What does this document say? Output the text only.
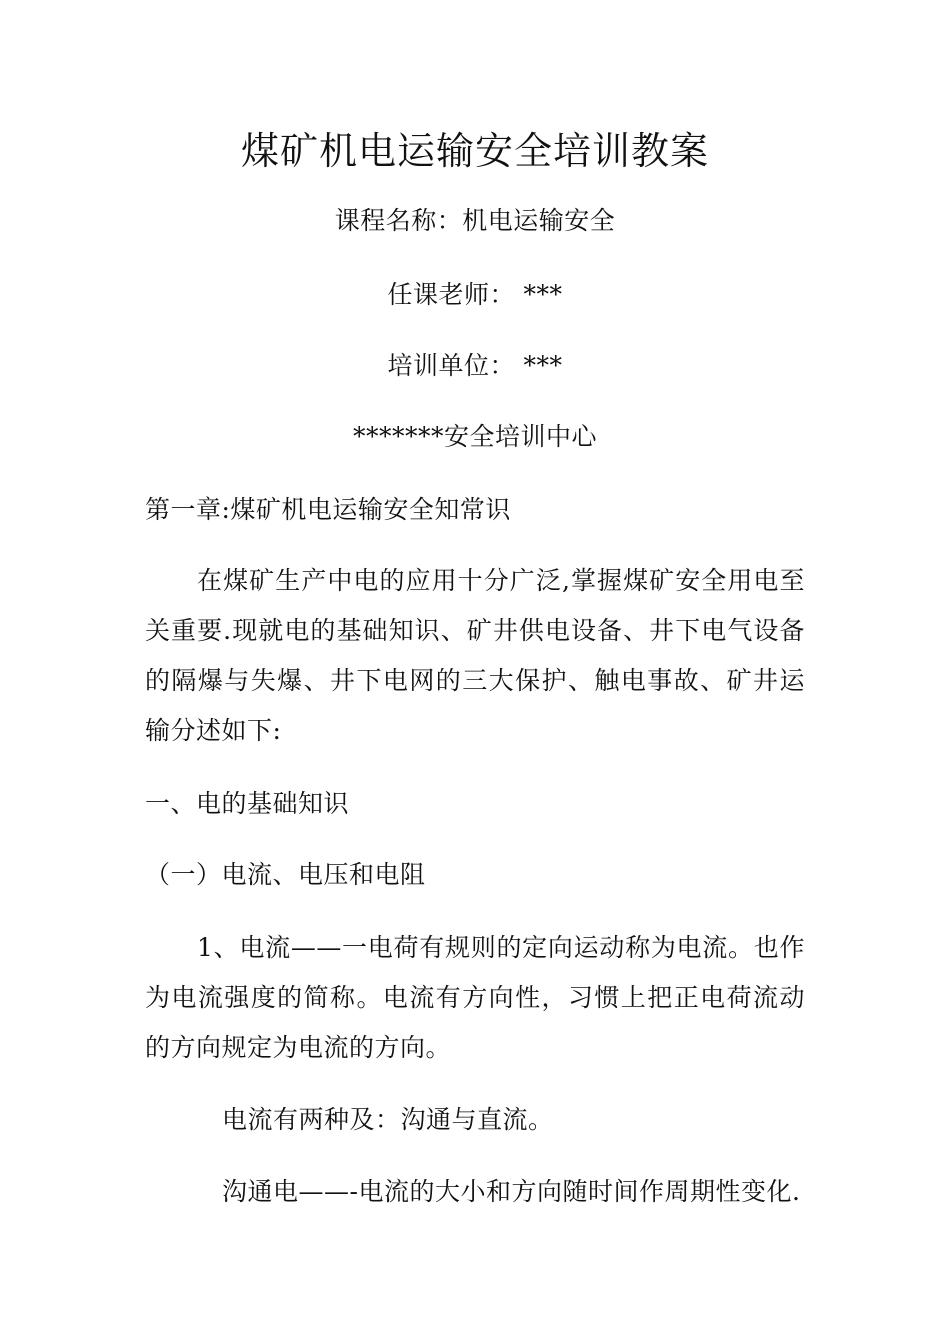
煤矿机电运输安全培训教案
课程名称：机电运输安全
任课老师： ***
培训单位： ***
*******安全培训中心
第一章:煤矿机电运输安全知常识
在煤矿生产中电的应用十分广泛,掌握煤矿安全用电至关重要.现就电的基础知识、矿井供电设备、井下电气设备的隔爆与失爆、井下电网的三大保护、触电事故、矿井运输分述如下:
一、电的基础知识
（一）电流、电压和电阻
1、电流——一电荷有规则的定向运动称为电流。也作为电流强度的简称。电流有方向性，习惯上把正电荷流动的方向规定为电流的方向。
电流有两种及：沟通与直流。
沟通电——-电流的大小和方向随时间作周期性变化.
